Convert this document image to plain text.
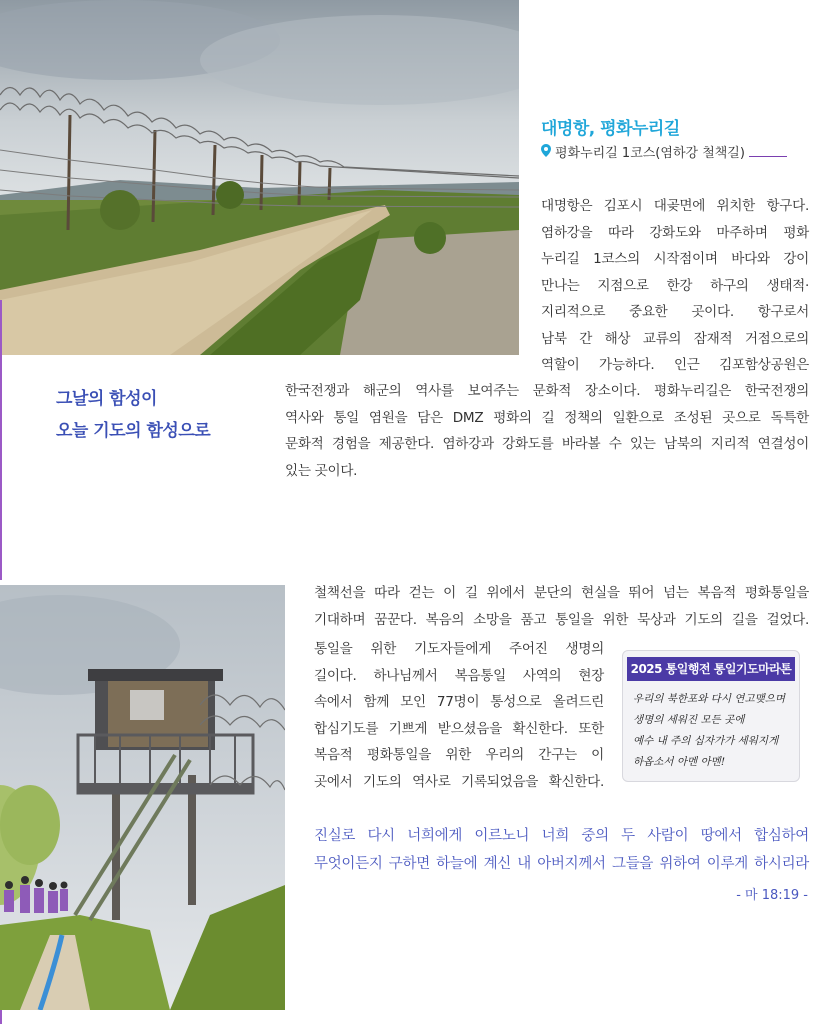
대명항, 평화누리길
평화누리길 1코스(염하강 철책길)
대명항은 김포시 대곶면에 위치한 항구다.
염하강을 따라 강화도와 마주하며 평화
누리길 1코스의 시작점이며 바다와 강이
만나는 지점으로 한강 하구의 생태적·
지리적으로 중요한 곳이다. 항구로서
남북 간 해상 교류의 잠재적 거점으로의
역할이 가능하다. 인근 김포함상공원은
그날의 함성이
오늘 기도의 함성으로
한국전쟁과 해군의 역사를 보여주는 문화적 장소이다. 평화누리길은 한국전쟁의
역사와 통일 염원을 담은 DMZ 평화의 길 정책의 일환으로 조성된 곳으로 독특한
문화적 경험을 제공한다. 염하강과 강화도를 바라볼 수 있는 남북의 지리적 연결성이
있는 곳이다.
철책선을 따라 걷는 이 길 위에서 분단의 현실을 뛰어 넘는 복음적 평화통일을
기대하며 꿈꾼다. 복음의 소망을 품고 통일을 위한 묵상과 기도의 길을 걸었다.
통일을 위한 기도자들에게 주어진 생명의
길이다. 하나님께서 복음통일 사역의 현장
속에서 함께 모인 77명이 통성으로 올려드린
합심기도를 기쁘게 받으셨음을 확신한다. 또한
복음적 평화통일을 위한 우리의 간구는 이
곳에서 기도의 역사로 기록되었음을 확신한다.
2025 통일행전 통일기도마라톤
우리의 북한포와 다시 연고맺으며
생명의 세워진 모든 곳에
예수 내 주의 십자가가 세워지게
하옵소서 아멘 아멘!
진실로 다시 너희에게 이르노니 너희 중의 두 사람이 땅에서 합심하여
무엇이든지 구하면 하늘에 계신 내 아버지께서 그들을 위하여 이루게 하시리라
- 마 18:19 -
